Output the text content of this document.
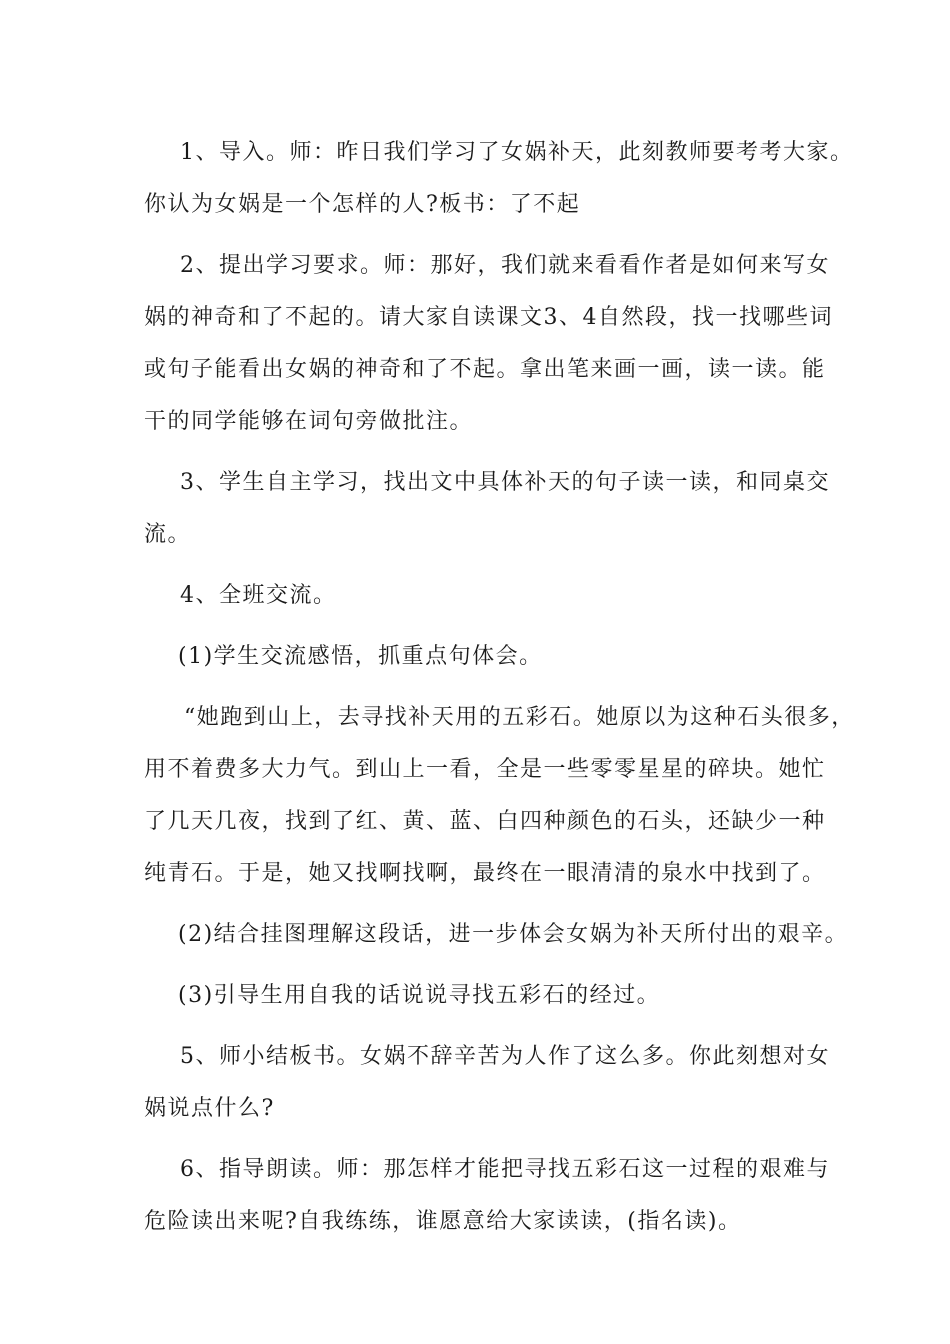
1、导入。师：昨日我们学习了女娲补天，此刻教师要考考大家。
你认为女娲是一个怎样的人?板书：了不起
2、提出学习要求。师：那好，我们就来看看作者是如何来写女
娲的神奇和了不起的。请大家自读课文3、4自然段，找一找哪些词
或句子能看出女娲的神奇和了不起。拿出笔来画一画，读一读。能
干的同学能够在词句旁做批注。
3、学生自主学习，找出文中具体补天的句子读一读，和同桌交
流。
4、全班交流。
(1)学生交流感悟，抓重点句体会。
“她跑到山上，去寻找补天用的五彩石。她原以为这种石头很多，
用不着费多大力气。到山上一看，全是一些零零星星的碎块。她忙
了几天几夜，找到了红、黄、蓝、白四种颜色的石头，还缺少一种
纯青石。于是，她又找啊找啊，最终在一眼清清的泉水中找到了。
(2)结合挂图理解这段话，进一步体会女娲为补天所付出的艰辛。
(3)引导生用自我的话说说寻找五彩石的经过。
5、师小结板书。女娲不辞辛苦为人作了这么多。你此刻想对女
娲说点什么?
6、指导朗读。师：那怎样才能把寻找五彩石这一过程的艰难与
危险读出来呢?自我练练，谁愿意给大家读读，(指名读)。
